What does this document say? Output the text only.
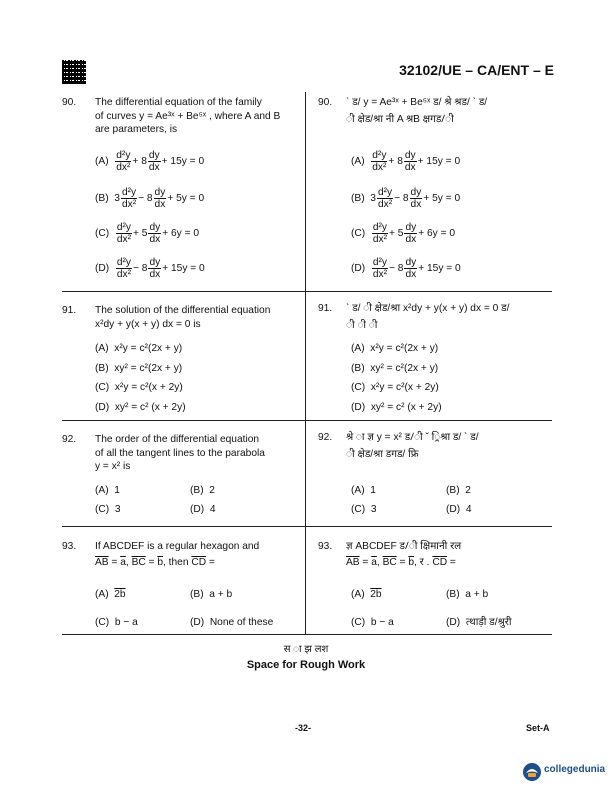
32102/UE – CA/ENT – E
90. The differential equation of the family
of curves y = Ae³ˣ + Be⁵ˣ , where A and B
are parameters, is
$(A) \frac{\text{d²y}}{\text{dx²}} + 8 \frac{dy}{dx} + 15y = 0$
(B) $3 \frac{\text{d²y}}{\text{dx²}} - 8 \frac{dy}{dx} + 5y = 0$
$(C) \frac{\text{d²y}}{\text{dx²}} + 5 \frac{dy}{dx} + 6y = 0$
$(D) \frac{\text{d²y}}{\text{dx²}} - 8 \frac{dy}{dx} + 15y = 0$
91. The solution of the differential equation
x²dy + y(x + y) dx = 0 is
(A) x²y = c²(2x + y)
(B) xy² = c²(2x + y)
(C) x²y = c²(x + 2y)
(D) xy² = c² (x + 2y)
92. The order of the differential equation
of all the tangent lines to the parabola
y = x² is
(A) 1	(B) 2
(C) 3	(D) 4
93. If ABCDEF is a regular hexagon and
$\overline{AB} = \overline{a}$, $\overline{BC} = \overline{b}$, then $\overline{CD}$ =
(A) 2b	(B) a + b
(C) b − a	(D) None of these
90. ˋ ड/ y = Ae³ˣ + Be⁵ˣ ड/ श्रे श्रड/ ˋ ड/
ी क्षेड/श्रा नी A श्रB क्षगड/ी
$(A) \frac{\text{d²y}}{\text{dx²}} + 8 \frac{dy}{dx} + 15y = 0$
(B) $3 \frac{\text{d²y}}{\text{dx²}} - 8 \frac{dy}{dx} + 5y = 0$
$(C) \frac{\text{d²y}}{\text{dx²}} + 5 \frac{dy}{dx} + 6y = 0$
$(D) \frac{\text{d²y}}{\text{dx²}} - 8 \frac{dy}{dx} + 15y = 0$
91. ˋ ड/ ी क्षेड/श्रा x²dy + y(x + y) dx = 0 ड/
ी ी ी
(A) x²y = c²(2x + y)
(B) xy² = c²(2x + y)
(C) x²y = c²(x + 2y)
(D) xy² = c² (x + 2y)
92. श्रे ा ज्ञ y = x² ड/ी ˇ ्रिश्रा ड/ ˋ ड/
ी क्षेड/श्रा डगड/ फ्रि
(A) 1	(B) 2
(C) 3	(D) 4
93. ज्ञ ABCDEF ड/ी क्षिमानी रल
$\overline{AB} = \overline{a}$, $\overline{BC} = \overline{b}$, र . $\overline{CD}$ =
(A) 2b	(B) a + b
(C) b − a	(D) त्थाड़ी ड/श्रुरी
स ा झ लश
Space for Rough Work
-32-	Set-A
collegedunia
